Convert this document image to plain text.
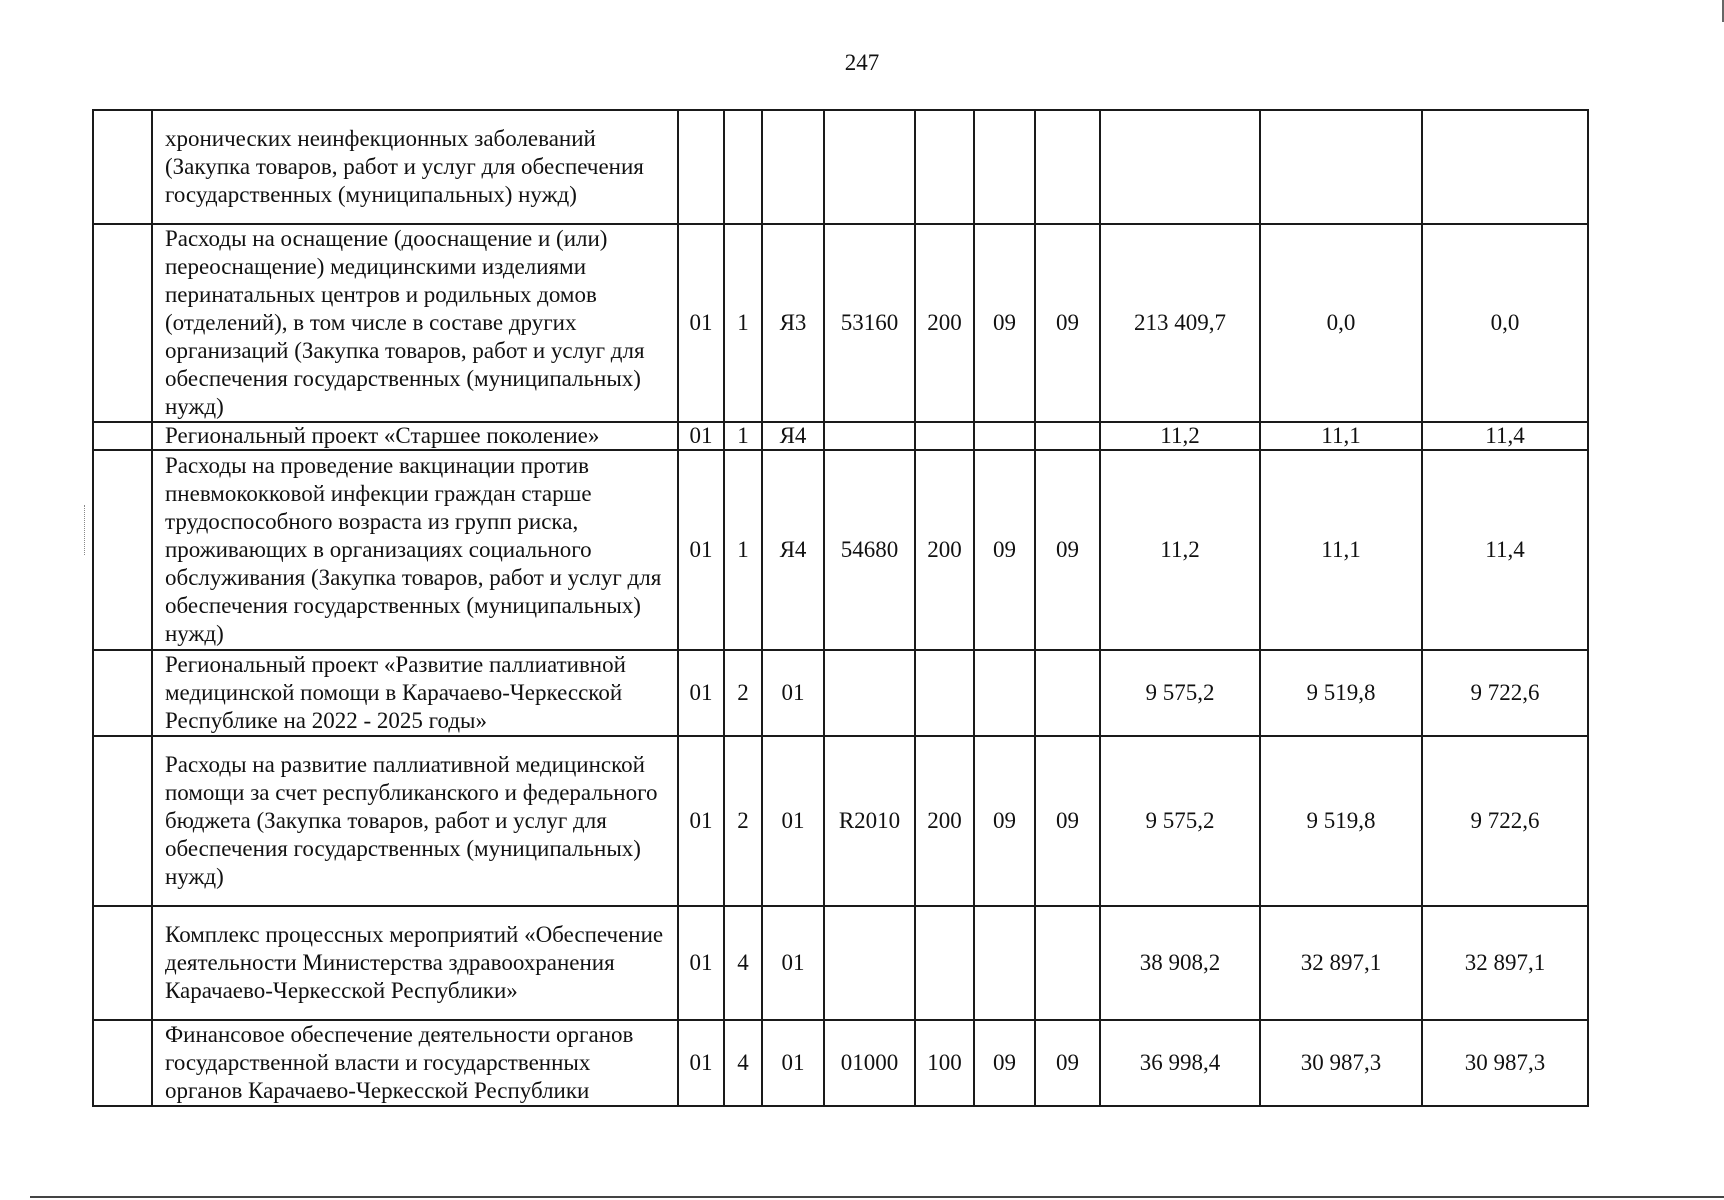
247
	хронических неинфекционных заболеваний (Закупка товаров, работ и услуг для обеспечения государственных (муниципальных) нужд)										
	Расходы на оснащение (дооснащение и (или) переоснащение) медицинскими изделиями перинатальных центров и родильных домов (отделений), в том числе в составе других организаций (Закупка товаров, работ и услуг для обеспечения государственных (муниципальных) нужд)	01	1	Я3	53160	200	09	09	213 409,7	0,0	0,0
	Региональный проект «Старшее поколение»	01	1	Я4					11,2	11,1	11,4
	Расходы на проведение вакцинации против пневмококковой инфекции граждан старше трудоспособного возраста из групп риска, проживающих в организациях социального обслуживания (Закупка товаров, работ и услуг для обеспечения государственных (муниципальных) нужд)	01	1	Я4	54680	200	09	09	11,2	11,1	11,4
	Региональный проект «Развитие паллиативной медицинской помощи в Карачаево-Черкесской Республике на 2022 - 2025 годы»	01	2	01					9 575,2	9 519,8	9 722,6
	Расходы на развитие паллиативной медицинской помощи за счет республиканского и федерального бюджета (Закупка товаров, работ и услуг для обеспечения государственных (муниципальных) нужд)	01	2	01	R2010	200	09	09	9 575,2	9 519,8	9 722,6
	Комплекс процессных мероприятий «Обеспечение деятельности Министерства здравоохранения Карачаево-Черкесской Республики»	01	4	01					38 908,2	32 897,1	32 897,1
	Финансовое обеспечение деятельности органов государственной власти и государственных органов Карачаево-Черкесской Республики	01	4	01	01000	100	09	09	36 998,4	30 987,3	30 987,3
